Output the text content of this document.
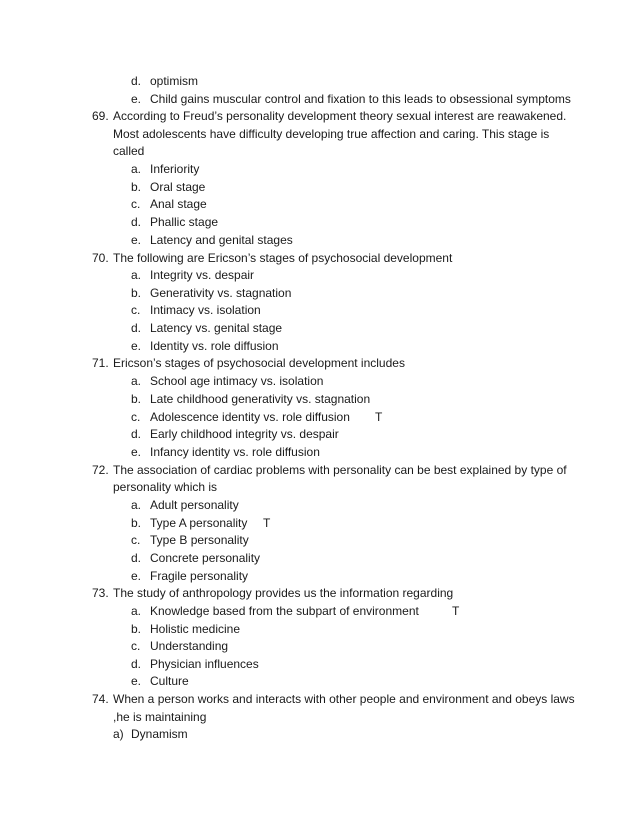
d. optimism
e. Child gains muscular control and fixation to this leads to obsessional symptoms
69. According to Freud’s personality development theory sexual interest are reawakened.
Most adolescents have difficulty developing true affection and caring. This stage is
called
a. Inferiority
b. Oral stage
c. Anal stage
d. Phallic stage
e. Latency and genital stages
70. The following are Ericson’s stages of psychosocial development
a. Integrity vs. despair
b. Generativity vs. stagnation
c. Intimacy vs. isolation
d. Latency vs. genital stage
e. Identity vs. role diffusion
71. Ericson’s stages of psychosocial development includes
a. School age intimacy vs. isolation
b. Late childhood generativity vs. stagnation
c. Adolescence identity vs. role diffusion T
d. Early childhood integrity vs. despair
e. Infancy identity vs. role diffusion
72. The association of cardiac problems with personality can be best explained by type of
personality which is
a. Adult personality
b. Type A personality T
c. Type B personality
d. Concrete personality
e. Fragile personality
73. The study of anthropology provides us the information regarding
a. Knowledge based from the subpart of environment	T
b. Holistic medicine
c. Understanding
d. Physician influences
e. Culture
74. When a person works and interacts with other people and environment and obeys laws
,he is maintaining
a) Dynamism
